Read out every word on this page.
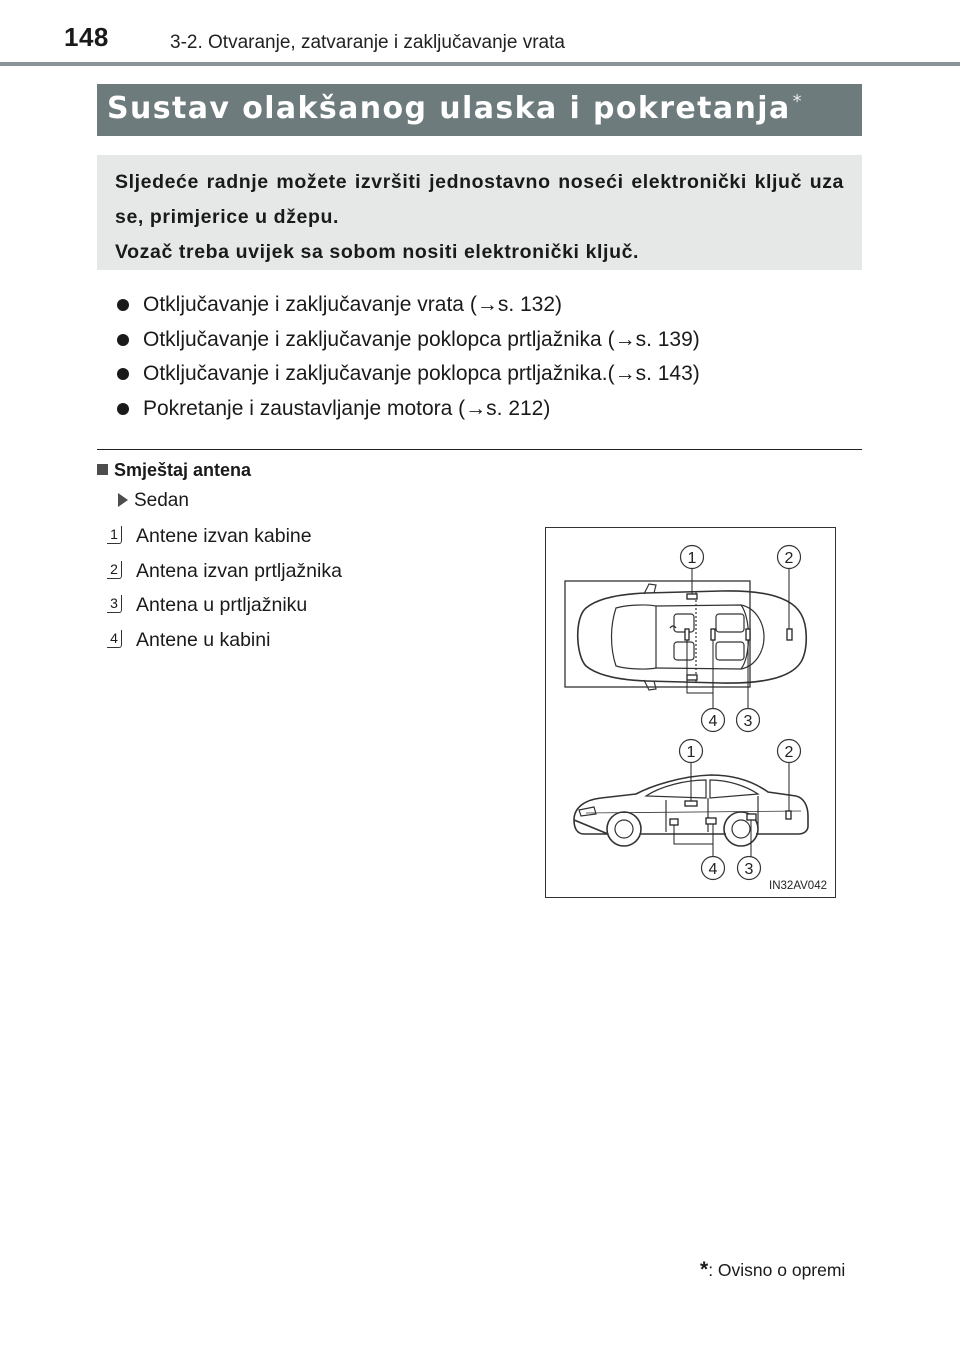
148	3-2. Otvaranje, zatvaranje i zaključavanje vrata
Sustav olakšanog ulaska i pokretanja *

Sljedeće radnje možete izvršiti jednostavno noseći elektronički ključ uza se, primjerice u džepu.

Vozač treba uvijek sa sobom nositi elektronički ključ.

Otključavanje i zaključavanje vrata (→s. 132)
Otključavanje i zaključavanje poklopca prtljažnika (→s. 139)
Otključavanje i zaključavanje poklopca prtljažnika.(→s. 143)
Pokretanje i zaustavljanje motora (→s. 212)
Smještaj antena
Sedan
1 Antene izvan kabine
2 Antena izvan prtljažnika
3 Antena u prtljažniku
4 Antene u kabini
1	2
4 3
1	2
4 3
IN32AV042
*: Ovisno o opremi
